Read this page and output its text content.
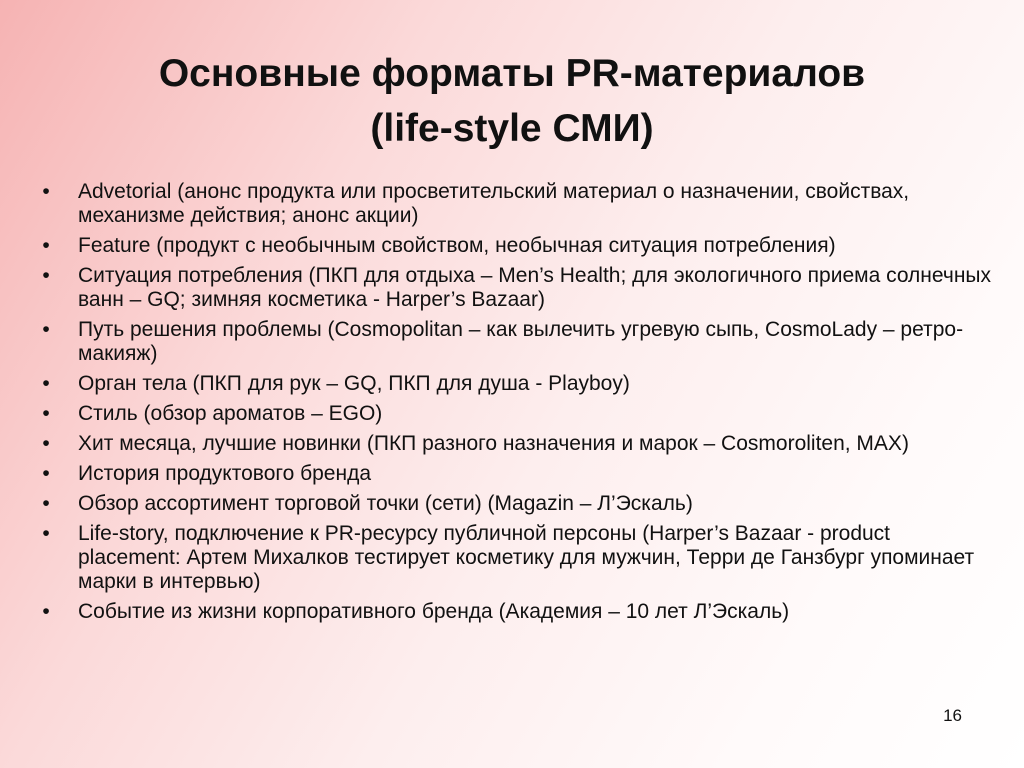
Основные форматы PR-материалов
(life-style СМИ)
•	Advetorial (анонс продукта или просветительский материал о назначении, свойствах, механизме действия; анонс акции)
•	Feature (продукт с необычным свойством, необычная ситуация потребления)
•	Ситуация потребления (ПКП для отдыха – Men’s Health; для экологичного приема солнечных ванн – GQ; зимняя косметика - Harper’s Bazaar)
•	Путь решения проблемы (Cosmopolitan – как вылечить угревую сыпь, CosmoLady – ретро-макияж)
•	Орган тела (ПКП для рук – GQ, ПКП для душа - Playboy)
•	Стиль (обзор ароматов – EGO)
•	Хит месяца, лучшие новинки (ПКП разного назначения и марок – Cosmoroliten, MAX)
•	История продуктового бренда
•	Обзор ассортимент торговой точки (сети) (Magazin – Л’Эскаль)
•	Life-story, подключение к PR-ресурсу публичной персоны (Harper’s Bazaar - product placement: Артем Михалков тестирует косметику для мужчин, Терри де Ганзбург упоминает марки в интервью)
•	Событие из жизни корпоративного бренда (Академия – 10 лет Л’Эскаль)
16
